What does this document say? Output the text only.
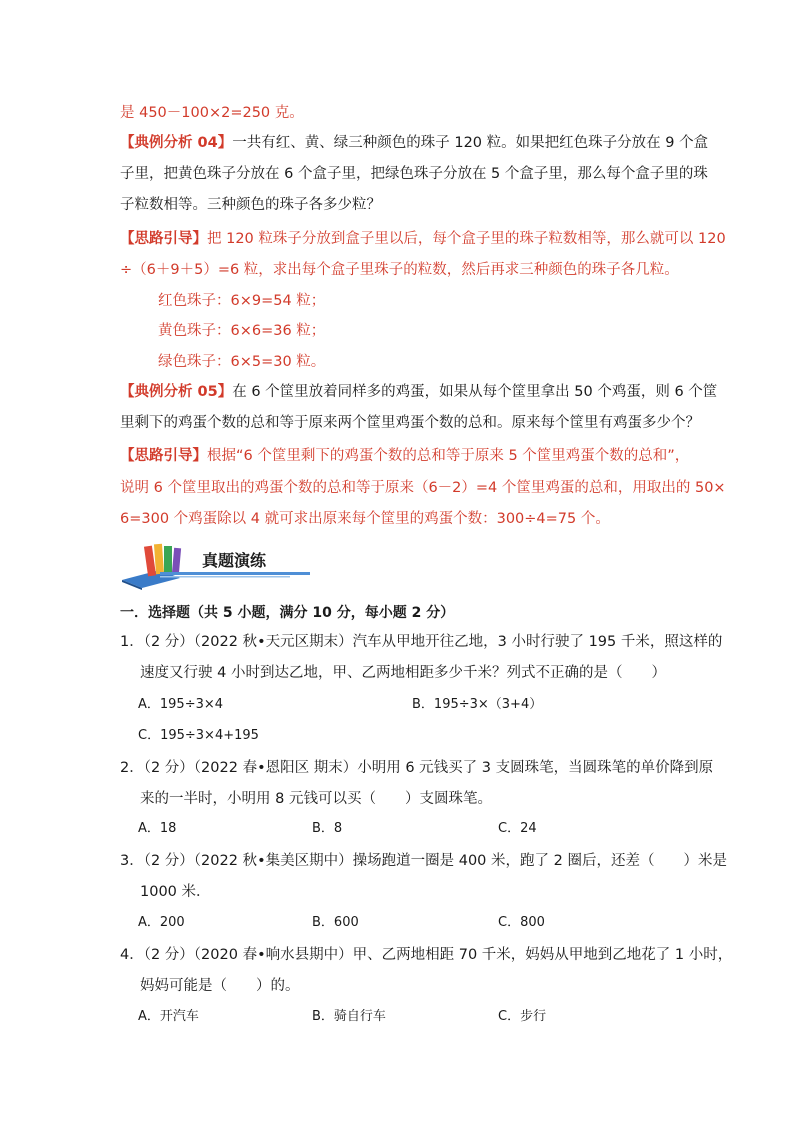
是 450－100×2=250 克。
【典例分析 04】一共有红、黄、绿三种颜色的珠子 120 粒。如果把红色珠子分放在 9 个盒
子里，把黄色珠子分放在 6 个盒子里，把绿色珠子分放在 5 个盒子里，那么每个盒子里的珠
子粒数相等。三种颜色的珠子各多少粒？
【思路引导】把 120 粒珠子分放到盒子里以后，每个盒子里的珠子粒数相等，那么就可以 120
÷（6＋9＋5）=6 粒，求出每个盒子里珠子的粒数，然后再求三种颜色的珠子各几粒。
红色珠子：6×9=54 粒；
黄色珠子：6×6=36 粒；
绿色珠子：6×5=30 粒。
【典例分析 05】在 6 个筐里放着同样多的鸡蛋，如果从每个筐里拿出 50 个鸡蛋，则 6 个筐
里剩下的鸡蛋个数的总和等于原来两个筐里鸡蛋个数的总和。原来每个筐里有鸡蛋多少个？
【思路引导】根据“6 个筐里剩下的鸡蛋个数的总和等于原来 5 个筐里鸡蛋个数的总和”，
说明 6 个筐里取出的鸡蛋个数的总和等于原来（6－2）=4 个筐里鸡蛋的总和，用取出的 50×
6=300 个鸡蛋除以 4 就可求出原来每个筐里的鸡蛋个数：300÷4=75 个。
真题演练
一．选择题（共 5 小题，满分 10 分，每小题 2 分）
1．（2 分）（2022 秋•天元区期末）汽车从甲地开往乙地，3 小时行驶了 195 千米，照这样的
速度又行驶 4 小时到达乙地，甲、乙两地相距多少千米？列式不正确的是（　　）
A．195÷3×4	B．195÷3×（3+4）
C．195÷3×4+195
2．（2 分）（2022 春•恩阳区 期末）小明用 6 元钱买了 3 支圆珠笔，当圆珠笔的单价降到原
来的一半时，小明用 8 元钱可以买（　　）支圆珠笔。
A．18	B．8	C．24
3．（2 分）（2022 秋•集美区期中）操场跑道一圈是 400 米，跑了 2 圈后，还差（　　）米是
1000 米．
A．200	B．600	C．800
4．（2 分）（2020 春•响水县期中）甲、乙两地相距 70 千米，妈妈从甲地到乙地花了 1 小时，
妈妈可能是（　　）的。
A．开汽车	B．骑自行车	C．步行
